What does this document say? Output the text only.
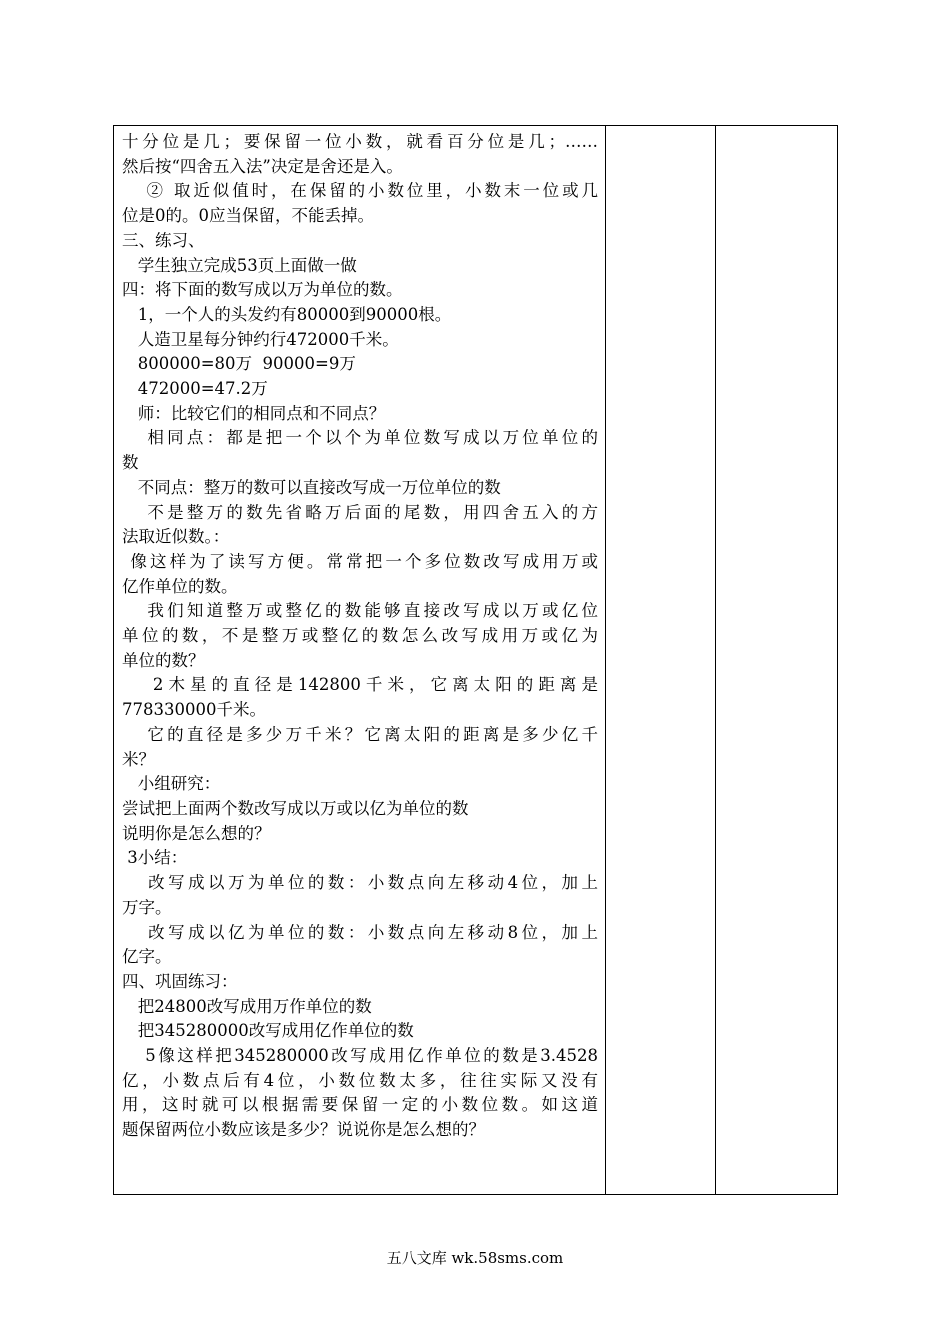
十分位是几；要保留一位小数，就看百分位是几；……
然后按“四舍五入法”决定是舍还是入。
② 取近似值时，在保留的小数位里，小数末一位或几
位是0的。0应当保留，不能丢掉。
三、练习、
学生独立完成53页上面做一做
四：将下面的数写成以万为单位的数。
1，一个人的头发约有80000到90000根。
人造卫星每分钟约行472000千米。
800000=80万  90000=9万
472000=47.2万
师：比较它们的相同点和不同点？
相同点：都是把一个以个为单位数写成以万位单位的
数
不同点：整万的数可以直接改写成一万位单位的数
不是整万的数先省略万后面的尾数，用四舍五入的方
法取近似数。：
像这样为了读写方便。常常把一个多位数改写成用万或
亿作单位的数。
我们知道整万或整亿的数能够直接改写成以万或亿位
单位的数，不是整万或整亿的数怎么改写成用万或亿为
单位的数？
2木星的直径是142800千米，它离太阳的距离是
778330000千米。
它的直径是多少万千米？它离太阳的距离是多少亿千
米？
小组研究：
尝试把上面两个数改写成以万或以亿为单位的数
说明你是怎么想的？
3小结：
改写成以万为单位的数：小数点向左移动4位，加上
万字。
改写成以亿为单位的数：小数点向左移动8位，加上
亿字。
四、巩固练习：
把24800改写成用万作单位的数
把345280000改写成用亿作单位的数
5像这样把345280000改写成用亿作单位的数是3.4528
亿，小数点后有4位，小数位数太多，往往实际又没有
用，这时就可以根据需要保留一定的小数位数。如这道
题保留两位小数应该是多少？说说你是怎么想的？

五八文库 wk.58sms.com
